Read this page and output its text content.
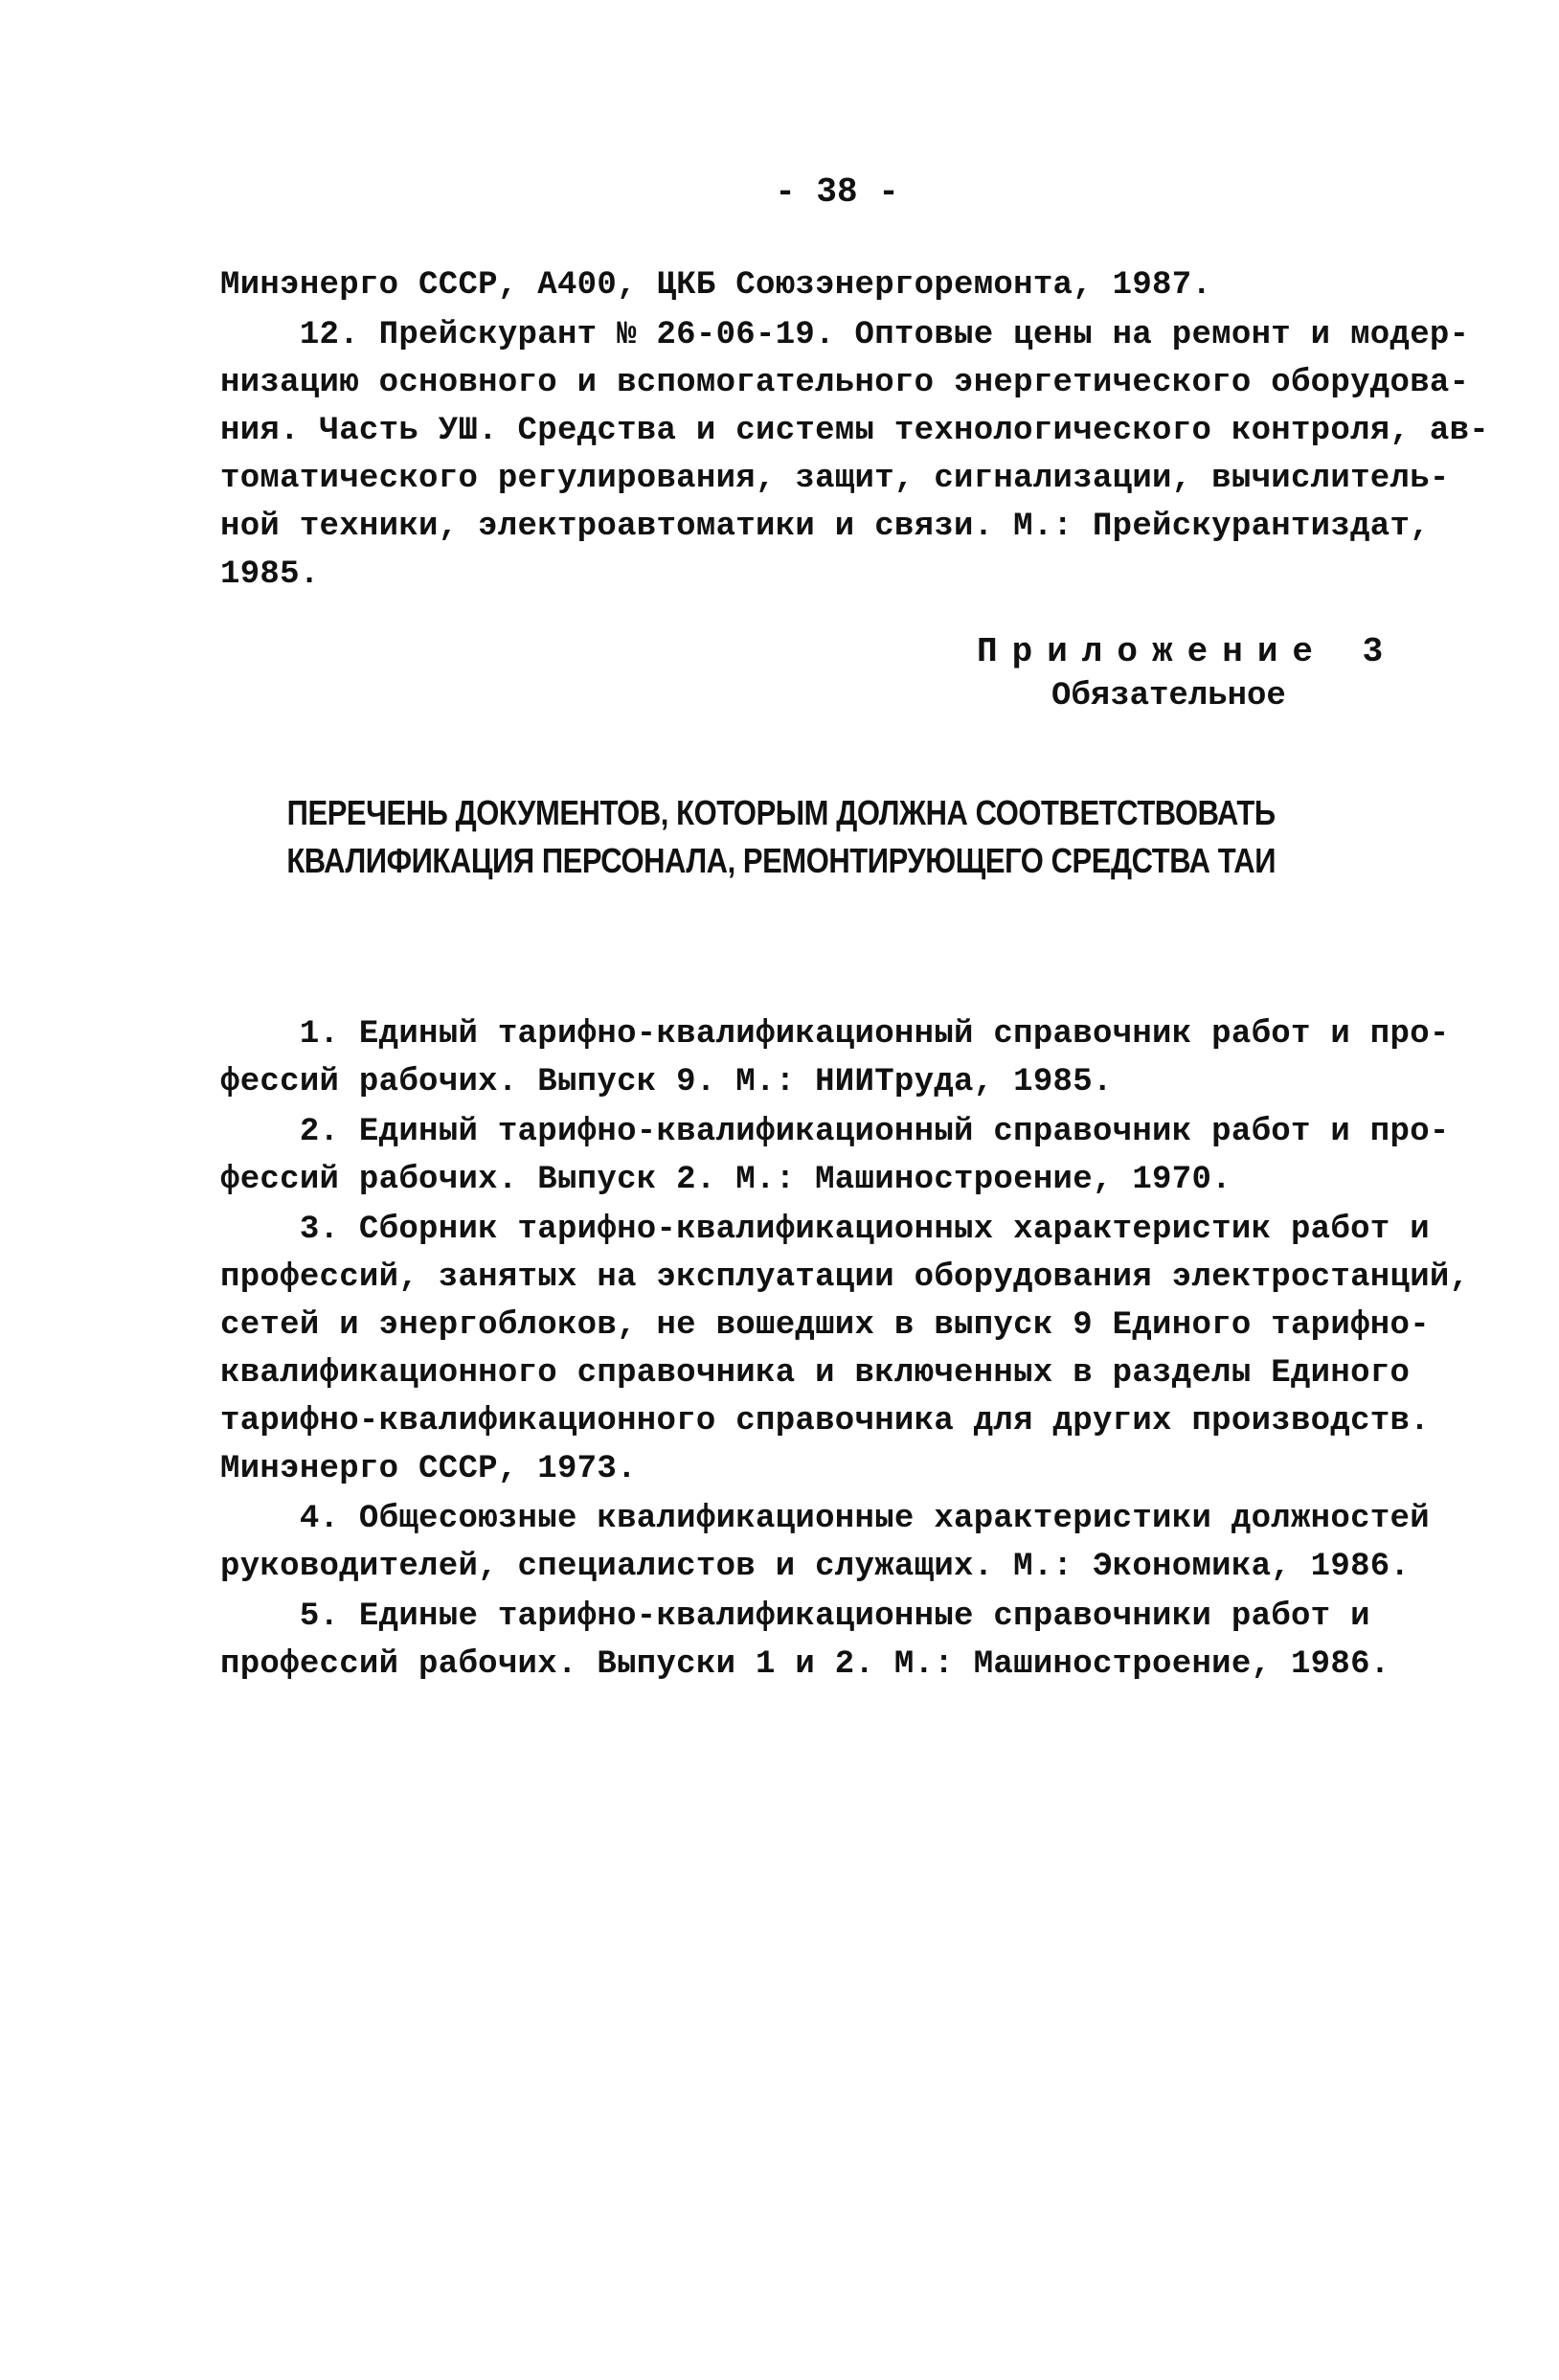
- 38 -
Минэнерго СССР, А400, ЦКБ Союзэнергоремонта, 1987.
12. Прейскурант № 26-06-19. Оптовые цены на ремонт и модер-
низацию основного и вспомогательного энергетического оборудова-
ния. Часть УШ. Средства и системы технологического контроля, ав-
томатического регулирования, защит, сигнализации, вычислитель-
ной техники, электроавтоматики и связи. М.: Прейскурантиздат,
1985.
Приложение 3
Обязательное
ПЕРЕЧЕНЬ ДОКУМЕНТОВ, КОТОРЫМ ДОЛЖНА СООТВЕТСТВОВАТЬ
КВАЛИФИКАЦИЯ ПЕРСОНАЛА, РЕМОНТИРУЮЩЕГО СРЕДСТВА ТАИ
1. Единый тарифно-квалификационный справочник работ и про-
фессий рабочих. Выпуск 9. М.: НИИТруда, 1985.
2. Единый тарифно-квалификационный справочник работ и про-
фессий рабочих. Выпуск 2. М.: Машиностроение, 1970.
3. Сборник тарифно-квалификационных характеристик работ и
профессий, занятых на эксплуатации оборудования электростанций,
сетей и энергоблоков, не вошедших в выпуск 9 Единого тарифно-
квалификационного справочника и включенных в разделы Единого
тарифно-квалификационного справочника для других производств.
Минэнерго СССР, 1973.
4. Общесоюзные квалификационные характеристики должностей
руководителей, специалистов и служащих. М.: Экономика, 1986.
5. Единые тарифно-квалификационные справочники работ и
профессий рабочих. Выпуски 1 и 2. М.: Машиностроение, 1986.
